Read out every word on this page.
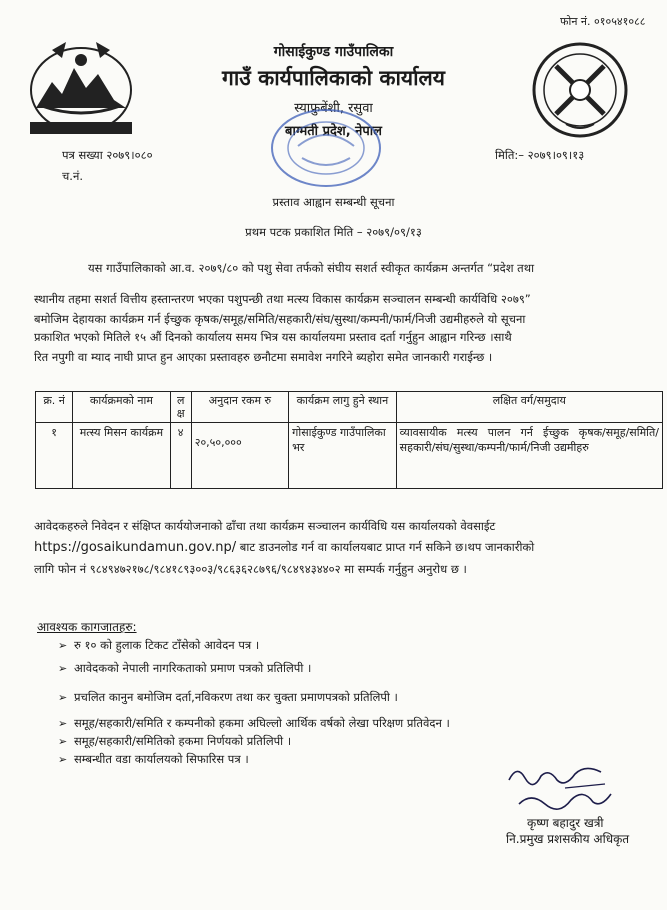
फोन नं. ०१०५४१०८८
गोसाईकुण्ड गाउँपालिका
गाउँ कार्यपालिकाको कार्यालय
स्याफ्रुबेंशी, रसुवा
बाग्मती प्रदेश, नेपाल
पत्र सख्या २०७९।०८०
च.नं.
मिति:– २०७९।०९।१३
प्रस्ताव आह्वान सम्बन्धी सूचना
प्रथम पटक प्रकाशित मिति – २०७९/०९/१३
यस गाउँपालिकाको आ.व. २०७९/८० को पशु सेवा तर्फको संघीय सशर्त स्वीकृत कार्यक्रम अन्तर्गत “प्रदेश तथा
स्थानीय तहमा सशर्त वित्तीय हस्तान्तरण भएका पशुपन्छी तथा मत्स्य विकास कार्यक्रम सञ्चालन सम्बन्धी कार्यविधि २०७९”
बमोजिम देहायका कार्यक्रम गर्न ईच्छुक कृषक/समूह/समिति/सहकारी/संघ/सुस्था/कम्पनी/फार्म/निजी उद्यमीहरुले यो सूचना
प्रकाशित भएको मितिले १५ औं दिनको कार्यालय समय भित्र यस कार्यालयमा प्रस्ताव दर्ता गर्नुहुन आह्वान गरिन्छ ।साथै
रित नपुगी वा म्याद नाघी प्राप्त हुन आएका प्रस्तावहरु छनौटमा समावेश नगरिने ब्यहोरा समेत जानकारी गराईन्छ ।
क्र. नं	कार्यक्रमको नाम	ल क्ष	अनुदान रकम रु	कार्यक्रम लागु हुने स्थान	लक्षित वर्ग/समुदाय
१	मत्स्य मिसन कार्यक्रम	४	२०,५०,०००	गोसाईकुण्ड गाउँपालिका भर	व्यावसायीक मत्स्य पालन गर्न ईच्छुक कृषक/समूह/समिति/सहकारी/संघ/सुस्था/कम्पनी/फार्म/निजी उद्यमीहरु
आवेदकहरुले निवेदन र संक्षिप्त कार्ययोजनाको ढाँचा तथा कार्यक्रम सञ्चालन कार्यविधि यस कार्यालयको वेवसाईट
https://gosaikundamun.gov.np/ बाट डाउनलोड गर्न वा कार्यालयबाट प्राप्त गर्न सकिने छ।थप जानकारीको
लागि फोन नं ९८४९४७२१७८/९८४१८९३००३/९८६३६२८७९६/९८४९४३४४०२ मा सम्पर्क गर्नुहुन अनुरोध छ ।
आवश्यक कागजातहरु:
➢ रु १० को हुलाक टिकट टाँसेको आवेदन पत्र ।
➢ आवेदकको नेपाली नागरिकताको प्रमाण पत्रको प्रतिलिपी ।
➢ प्रचलित कानुन बमोजिम दर्ता,नविकरण तथा कर चुक्ता प्रमाणपत्रको प्रतिलिपी ।
➢ समूह/सहकारी/समिति र कम्पनीको हकमा अघिल्लो आर्थिक वर्षको लेखा परिक्षण प्रतिवेदन ।
➢ समूह/सहकारी/समितिको हकमा निर्णयको प्रतिलिपी ।
➢ सम्बन्धीत वडा कार्यालयको सिफारिस पत्र ।
कृष्ण बहादुर खत्री
नि.प्रमुख प्रशसकीय अधिकृत
